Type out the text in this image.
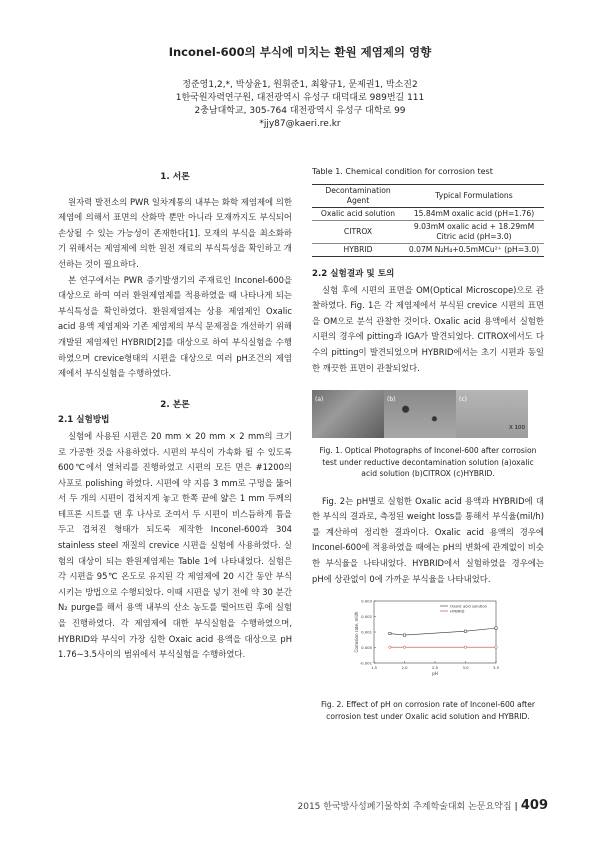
Inconel-600의 부식에 미치는 환원 제염제의 영향
정준영1,2,*, 박상윤1, 원휘준1, 최왕규1, 문제권1, 박소진2
1한국원자력연구원, 대전광역시 유성구 대덕대로 989번길 111
2충남대학교, 305-764 대전광역시 유성구 대학로 99
*jjy87@kaeri.re.kr
1. 서론

원자력 발전소의 PWR 일차계통의 내부는 화학 제염제에 의한 제염에 의해서 표면의 산화막 뿐만 아니라 모재까지도 부식되어 손상될 수 있는 가능성이 존재한다[1]. 모재의 부식을 최소화하기 위해서는 제염제에 의한 원전 재료의 부식특성을 확인하고 개선하는 것이 필요하다.

본 연구에서는 PWR 증기발생기의 주재료인 Inconel-600을 대상으로 하여 여러 환원제염제를 적용하였을 때 나타나게 되는 부식특성을 확인하였다. 환원제염제는 상용 제염제인 Oxalic acid 용액 제염제와 기존 제염제의 부식 문제점을 개선하기 위해 개발된 제염제인 HYBRID[2]를 대상으로 하여 부식실험을 수행하였으며 crevice형태의 시편을 대상으로 여러 pH조건의 제염제에서 부식실험을 수행하였다.

2. 본론
2.1 실험방법

실험에 사용된 시편은 20 mm × 20 mm × 2 mm의 크기로 가공한 것을 사용하였다. 시편의 부식이 가속화 될 수 있도록 600℃에서 열처리를 진행하였고 시편의 모든 면은 #1200의 사포로 polishing 하였다. 시편에 약 지름 3 mm로 구멍을 뚫어서 두 개의 시편이 겹쳐지게 놓고 한쪽 끝에 얇은 1 mm 두께의 테프론 시트를 댄 후 나사로 조여서 두 시편이 비스듬하게 틈을 두고 겹쳐진 형태가 되도록 제작한 Inconel-600과 304 stainless steel 재질의 crevice 시편을 실험에 사용하였다. 실험의 대상이 되는 환원제염제는 Table 1에 나타내었다. 실험은 각 시편을 95℃ 온도로 유지된 각 제염제에 20 시간 동안 부식시키는 방법으로 수행되었다. 이때 시편을 넣기 전에 약 30 분간 N₂ purge를 해서 용액 내부의 산소 농도를 떨어뜨린 후에 실험을 진행하였다. 각 제염제에 대한 부식실험을 수행하였으며, HYBRID와 부식이 가장 심한 Oxaic acid 용액을 대상으로 pH 1.76∼3.5사이의 범위에서 부식실험을 수행하였다.

Table 1. Chemical condition for corrosion test
Decontamination Agent	Typical Formulations
Oxalic acid solution	15.84mM oxalic acid (pH=1.76)
CITROX	9.03mM oxalic acid + 18.29mM Citric acid (pH=3.0)
HYBRID	0.07M N₂H₄+0.5mMCu²⁺ (pH=3.0)
2.2 실험결과 및 토의

실험 후에 시편의 표면을 OM(Optical Microscope)으로 관찰하였다. Fig. 1은 각 제염제에서 부식된 crevice 시편의 표면을 OM으로 분석 관찰한 것이다. Oxalic acid 용액에서 실험한 시편의 경우에 pitting과 IGA가 발견되었다. CITROX에서도 다수의 pitting이 발견되었으며 HYBRID에서는 초기 시편과 동일한 깨끗한 표면이 관찰되었다.

(a)	(b)	(c)
X 100
Fig. 1. Optical Photographs of Inconel-600 after corrosion test under reductive decontamination solution (a)oxalic acid solution (b)CITROX (c)HYBRID.

Fig. 2는 pH별로 실험한 Oxalic acid 용액과 HYBRID에 대한 부식의 결과로, 측정된 weight loss를 통해서 부식율(mil/h)를 계산하여 정리한 결과이다. Oxalic acid 용액의 경우에 Inconel-600에 적용하였을 때에는 pH의 변화에 관계없이 비슷한 부식율을 나타내었다. HYBRID에서 실험하였을 경우에는 pH에 상관없이 0에 가까운 부식율을 나타내었다.

0.003
0.002
0.001
0.000
-0.001
1.5	2.0	2.5	3.0	3.5
pH
Corrosion rate, mil/h
Oxalic acid solution
HYBRID
Fig. 2. Effect of pH on corrosion rate of Inconel-600 after corrosion test under Oxalic acid solution and HYBRID.
2015 한국방사성폐기물학회 추계학술대회 논문요약집 | 409
